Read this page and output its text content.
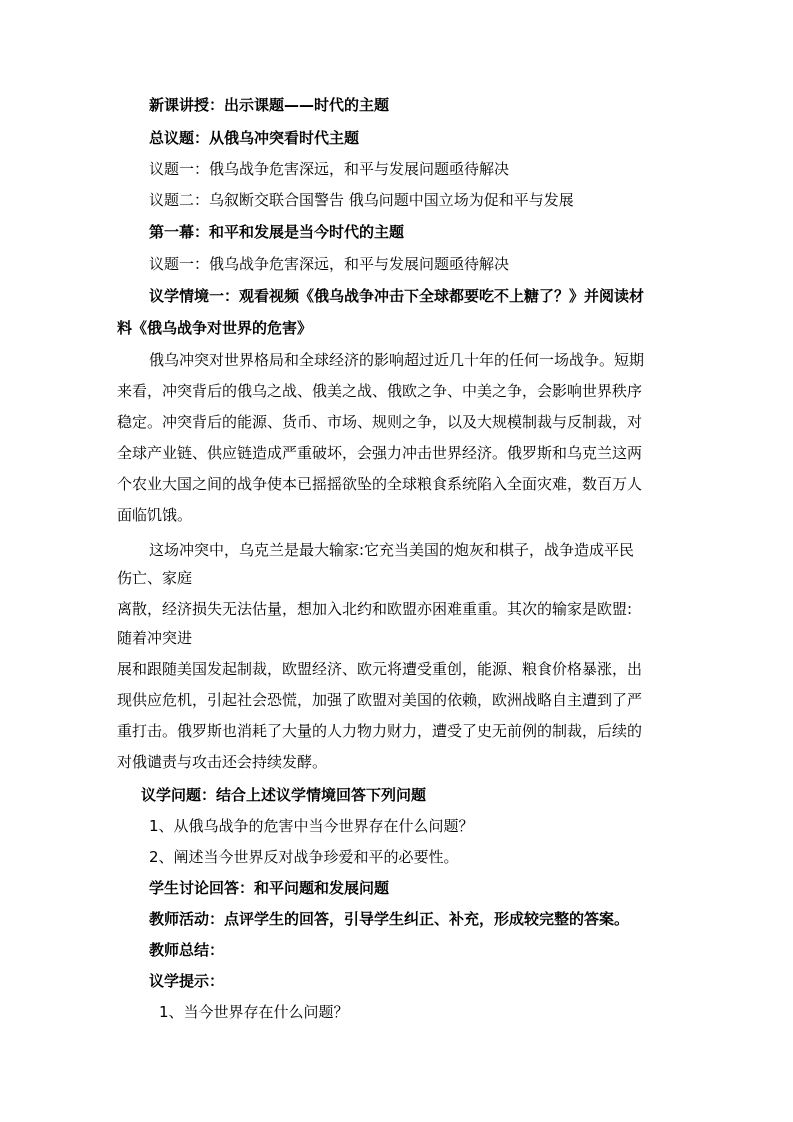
新课讲授：出示课题——时代的主题
总议题：从俄乌冲突看时代主题
议题一：俄乌战争危害深远，和平与发展问题亟待解决
议题二：乌叙断交联合国警告 俄乌问题中国立场为促和平与发展
第一幕：和平和发展是当今时代的主题
议题一：俄乌战争危害深远，和平与发展问题亟待解决
议学情境一：观看视频《俄乌战争冲击下全球都要吃不上糖了？》并阅读材
料《俄乌战争对世界的危害》
俄乌冲突对世界格局和全球经济的影响超过近几十年的任何一场战争。短期
来看，冲突背后的俄乌之战、俄美之战、俄欧之争、中美之争，会影响世界秩序
稳定。冲突背后的能源、货币、市场、规则之争，以及大规模制裁与反制裁，对
全球产业链、供应链造成严重破坏，会强力冲击世界经济。俄罗斯和乌克兰这两
个农业大国之间的战争使本已摇摇欲坠的全球粮食系统陷入全面灾难，数百万人
面临饥饿。
这场冲突中，乌克兰是最大输家:它充当美国的炮灰和棋子，战争造成平民
伤亡、家庭
离散，经济损失无法估量，想加入北约和欧盟亦困难重重。其次的输家是欧盟:
随着冲突进
展和跟随美国发起制裁，欧盟经济、欧元将遭受重创，能源、粮食价格暴涨，出
现供应危机，引起社会恐慌，加强了欧盟对美国的依赖，欧洲战略自主遭到了严
重打击。俄罗斯也消耗了大量的人力物力财力，遭受了史无前例的制裁，后续的
对俄谴责与攻击还会持续发酵。
议学问题：结合上述议学情境回答下列问题
1、从俄乌战争的危害中当今世界存在什么问题？
2、阐述当今世界反对战争珍爱和平的必要性。
学生讨论回答：和平问题和发展问题
教师活动：点评学生的回答，引导学生纠正、补充，形成较完整的答案。
教师总结：
议学提示：
1、当今世界存在什么问题？
